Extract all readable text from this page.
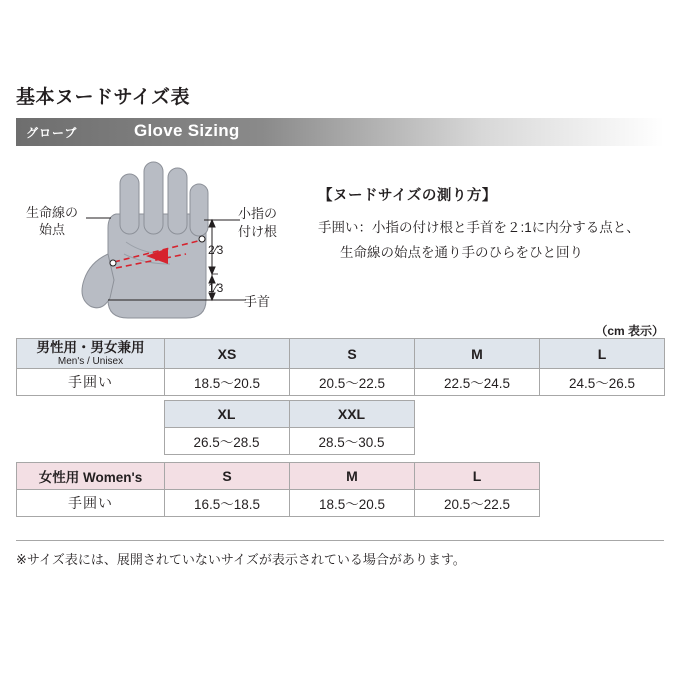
基本ヌードサイズ表
グローブ	Glove Sizing
生命線の
始点
小指の
付け根
手首
2⁄3
1⁄3
【ヌードサイズの測り方】
手囲い：小指の付け根と手首を２:1に内分する点と、
生命線の始点を通り手のひらをひと回り
（cm 表示）
男性用・男女兼用
Men's / Unisex	XS	S	M	L
手囲い	18.5～20.5	20.5～22.5	22.5～24.5	24.5～26.5
	XL	XXL		
	26.5～28.5	28.5～30.5		
女性用 Women's	S	M	L	
手囲い	16.5～18.5	18.5～20.5	20.5～22.5	
※サイズ表には、展開されていないサイズが表示されている場合があります。
